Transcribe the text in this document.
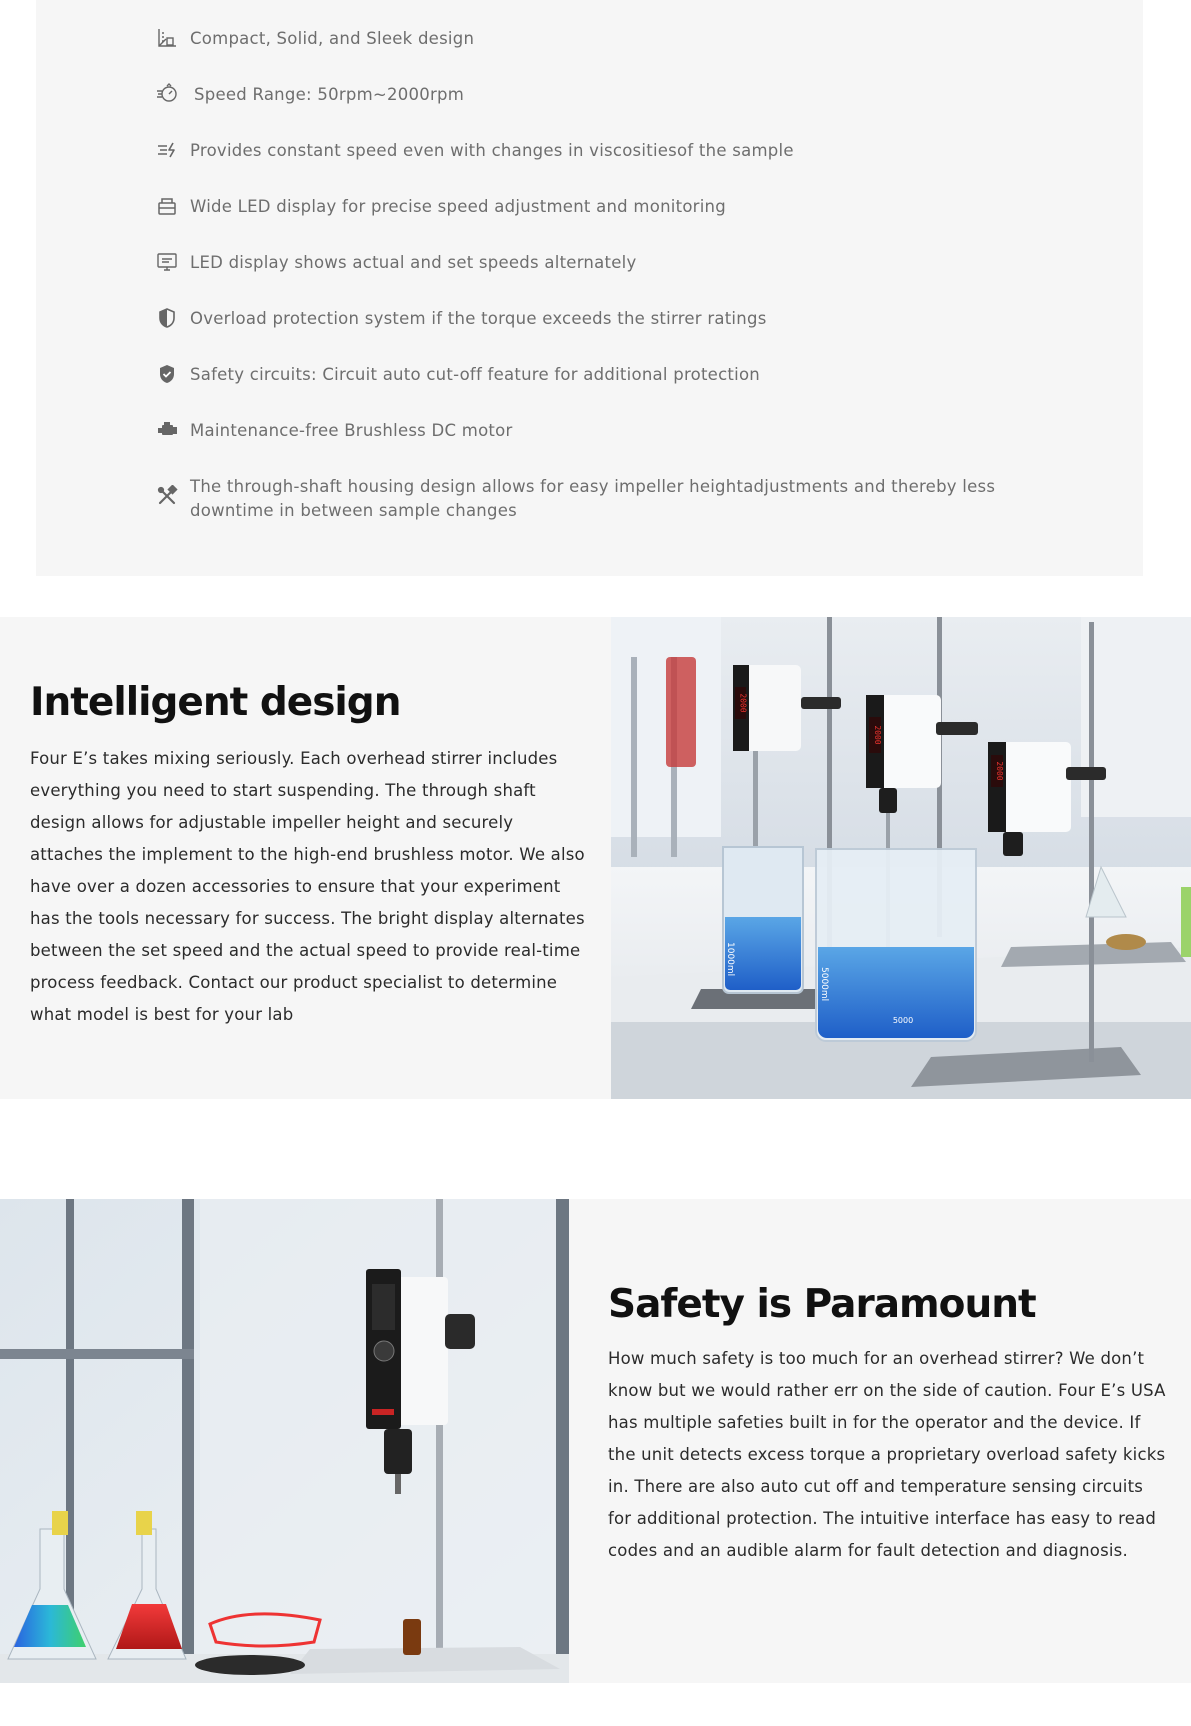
Compact, Solid, and Sleek design
Speed Range: 50rpm~2000rpm
Provides constant speed even with changes in viscositiesof the sample
Wide LED display for precise speed adjustment and monitoring
LED display shows actual and set speeds alternately
Overload protection system if the torque exceeds the stirrer ratings
Safety circuits: Circuit auto cut-off feature for additional protection
Maintenance-free Brushless DC motor
The through-shaft housing design allows for easy impeller heightadjustments and thereby less downtime in between sample changes
Intelligent design

Four E’s takes mixing seriously. Each overhead stirrer includes everything you need to start suspending. The through shaft design allows for adjustable impeller height and securely attaches the implement to the high-end brushless motor. We also have over a dozen accessories to ensure that your experiment has the tools necessary for success. The bright display alternates between the set speed and the actual speed to provide real-time process feedback. Contact our product specialist to determine what model is best for your lab

2000
2000
2000
1000ml
5000ml
5000
Safety is Paramount

How much safety is too much for an overhead stirrer? We don’t know but we would rather err on the side of caution. Four E’s USA has multiple safeties built in for the operator and the device. If the unit detects excess torque a proprietary overload safety kicks in. There are also auto cut off and temperature sensing circuits for additional protection. The intuitive interface has easy to read codes and an audible alarm for fault detection and diagnosis.
